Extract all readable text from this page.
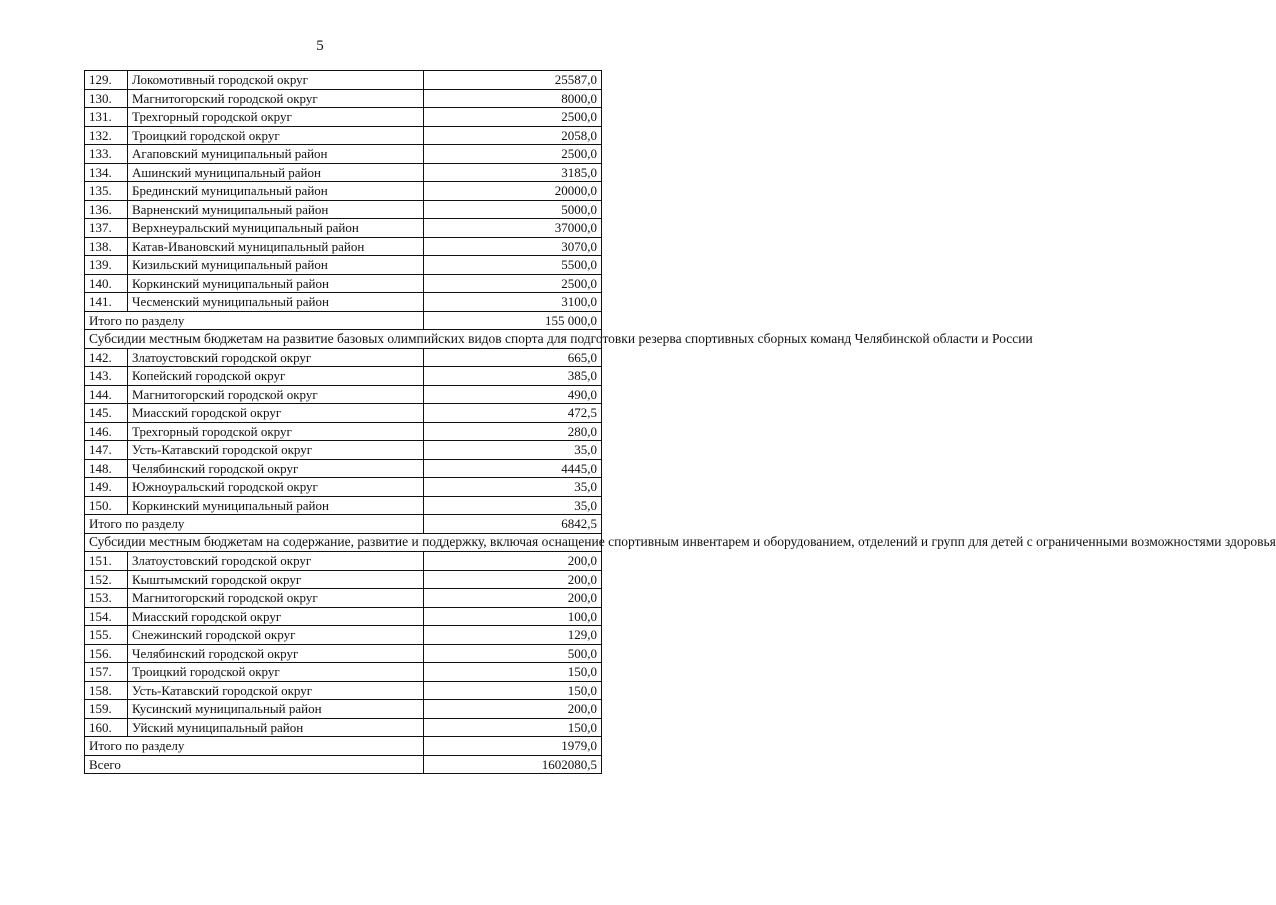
5
129.	Локомотивный городской округ	25587,0
130.	Магнитогорский городской округ	8000,0
131.	Трехгорный городской округ	2500,0
132.	Троицкий городской округ	2058,0
133.	Агаповский муниципальный район	2500,0
134.	Ашинский муниципальный район	3185,0
135.	Брединский муниципальный район	20000,0
136.	Варненский муниципальный район	5000,0
137.	Верхнеуральский муниципальный район	37000,0
138.	Катав-Ивановский муниципальный район	3070,0
139.	Кизильский муниципальный район	5500,0
140.	Коркинский муниципальный район	2500,0
141.	Чесменский муниципальный район	3100,0
Итого по разделу		155 000,0
Субсидии местным бюджетам на развитие базовых олимпийских видов спорта для подготовки резерва спортивных сборных команд Челябинской области и России		
142.	Златоустовский городской округ	665,0
143.	Копейский городской округ	385,0
144.	Магнитогорский городской округ	490,0
145.	Миасский городской округ	472,5
146.	Трехгорный городской округ	280,0
147.	Усть-Катавский городской округ	35,0
148.	Челябинский городской округ	4445,0
149.	Южноуральский городской округ	35,0
150.	Коркинский муниципальный район	35,0
Итого по разделу		6842,5
Субсидии местным бюджетам на содержание, развитие и поддержку, включая оснащение спортивным инвентарем и оборудованием, отделений и групп для детей с ограниченными возможностями здоровья		
151.	Златоустовский городской округ	200,0
152.	Кыштымский городской округ	200,0
153.	Магнитогорский городской округ	200,0
154.	Миасский городской округ	100,0
155.	Снежинский городской округ	129,0
156.	Челябинский городской округ	500,0
157.	Троицкий городской округ	150,0
158.	Усть-Катавский городской округ	150,0
159.	Кусинский муниципальный район	200,0
160.	Уйский муниципальный район	150,0
Итого по разделу		1979,0
Всего		1602080,5
